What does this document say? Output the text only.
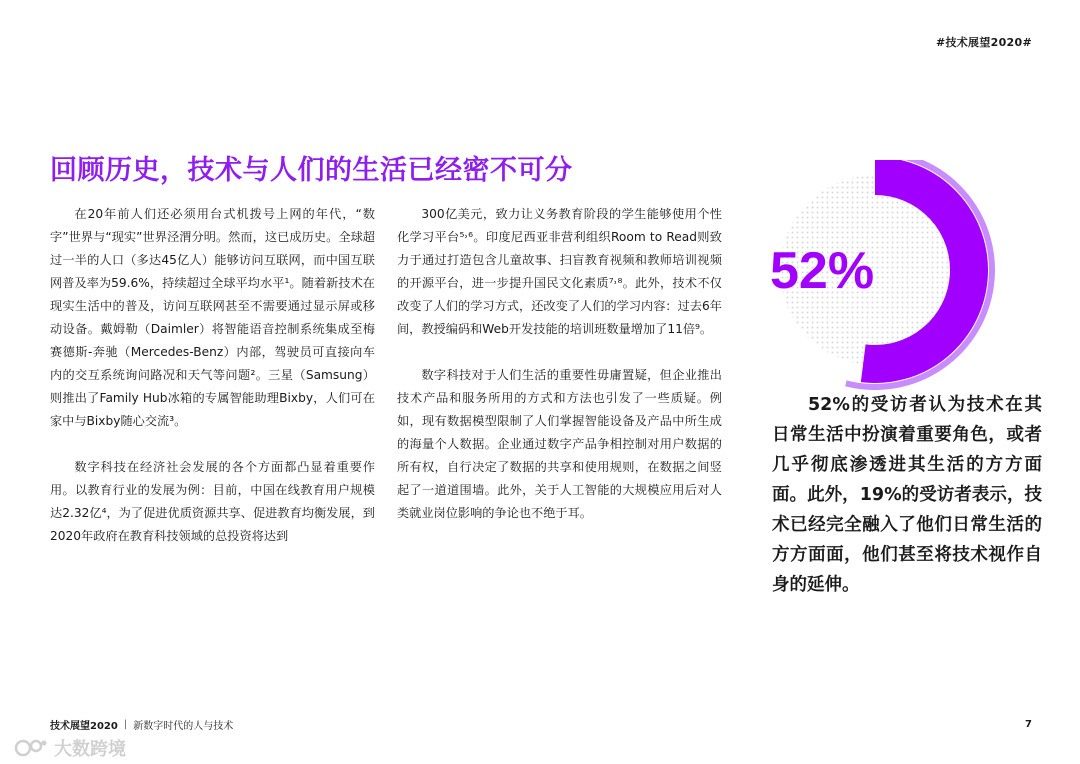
#技术展望2020#
回顾历史，技术与人们的生活已经密不可分

在20年前人们还必须用台式机拨号上网的年代，“数字”世界与“现实”世界泾渭分明。然而，这已成历史。全球超过一半的人口（多达45亿人）能够访问互联网，而中国互联网普及率为59.6%，持续超过全球平均水平¹。随着新技术在现实生活中的普及，访问互联网甚至不需要通过显示屏或移动设备。戴姆勒（Daimler）将智能语音控制系统集成至梅赛德斯-奔驰（Mercedes-Benz）内部，驾驶员可直接向车内的交互系统询问路况和天气等问题²。三星（Samsung）则推出了Family Hub冰箱的专属智能助理Bixby，人们可在家中与Bixby随心交流³。

数字科技在经济社会发展的各个方面都凸显着重要作用。以教育行业的发展为例：目前，中国在线教育用户规模达2.32亿⁴，为了促进优质资源共享、促进教育均衡发展，到2020年政府在教育科技领域的总投资将达到

300亿美元，致力让义务教育阶段的学生能够使用个性化学习平台⁵˒⁶。印度尼西亚非营利组织Room to Read则致力于通过打造包含儿童故事、扫盲教育视频和教师培训视频的开源平台，进一步提升国民文化素质⁷˒⁸。此外，技术不仅改变了人们的学习方式，还改变了人们的学习内容：过去6年间，教授编码和Web开发技能的培训班数量增加了11倍⁹。

数字科技对于人们生活的重要性毋庸置疑，但企业推出技术产品和服务所用的方式和方法也引发了一些质疑。例如，现有数据模型限制了人们掌握智能设备及产品中所生成的海量个人数据。企业通过数字产品争相控制对用户数据的所有权，自行决定了数据的共享和使用规则，在数据之间竖起了一道道围墙。此外，关于人工智能的大规模应用后对人类就业岗位影响的争论也不绝于耳。

52%
52%的受访者认为技术在其日常生活中扮演着重要角色，或者几乎彻底渗透进其生活的方方面面。此外，19%的受访者表示，技术已经完全融入了他们日常生活的方方面面，他们甚至将技术视作自身的延伸。
技术展望2020 | 新数字时代的人与技术	7
大数跨境
